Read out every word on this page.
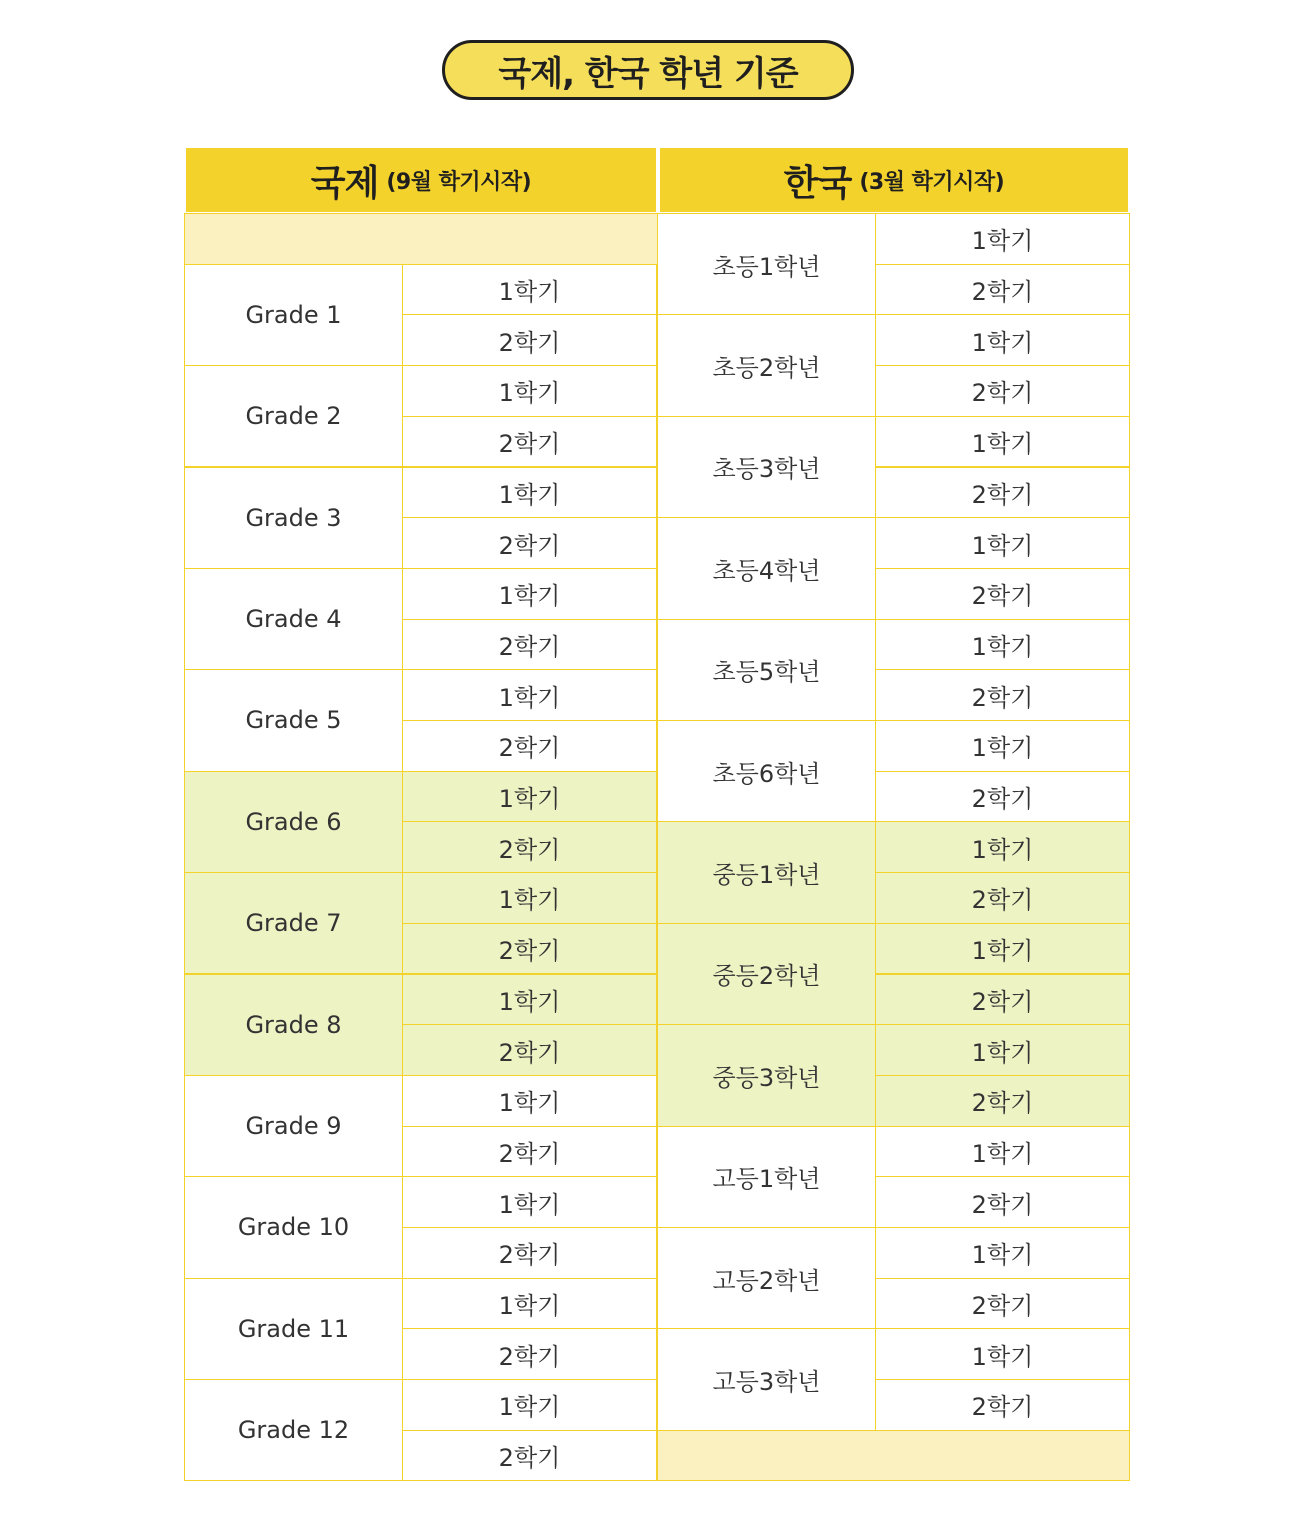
국제, 한국 학년 기준
국제 (9월 학기시작)	한국 (3월 학기시작)
Grade 1
1학기
2학기
Grade 2
1학기
2학기
Grade 3
1학기
2학기
Grade 4
1학기
2학기
Grade 5
1학기
2학기
Grade 6
1학기
2학기
Grade 7
1학기
2학기
Grade 8
1학기
2학기
Grade 9
1학기
2학기
Grade 10
1학기
2학기
Grade 11
1학기
2학기
Grade 12
1학기
2학기
초등1학년
1학기
2학기
초등2학년
1학기
2학기
초등3학년
1학기
2학기
초등4학년
1학기
2학기
초등5학년
1학기
2학기
초등6학년
1학기
2학기
중등1학년
1학기
2학기
중등2학년
1학기
2학기
중등3학년
1학기
2학기
고등1학년
1학기
2학기
고등2학년
1학기
2학기
고등3학년
1학기
2학기
